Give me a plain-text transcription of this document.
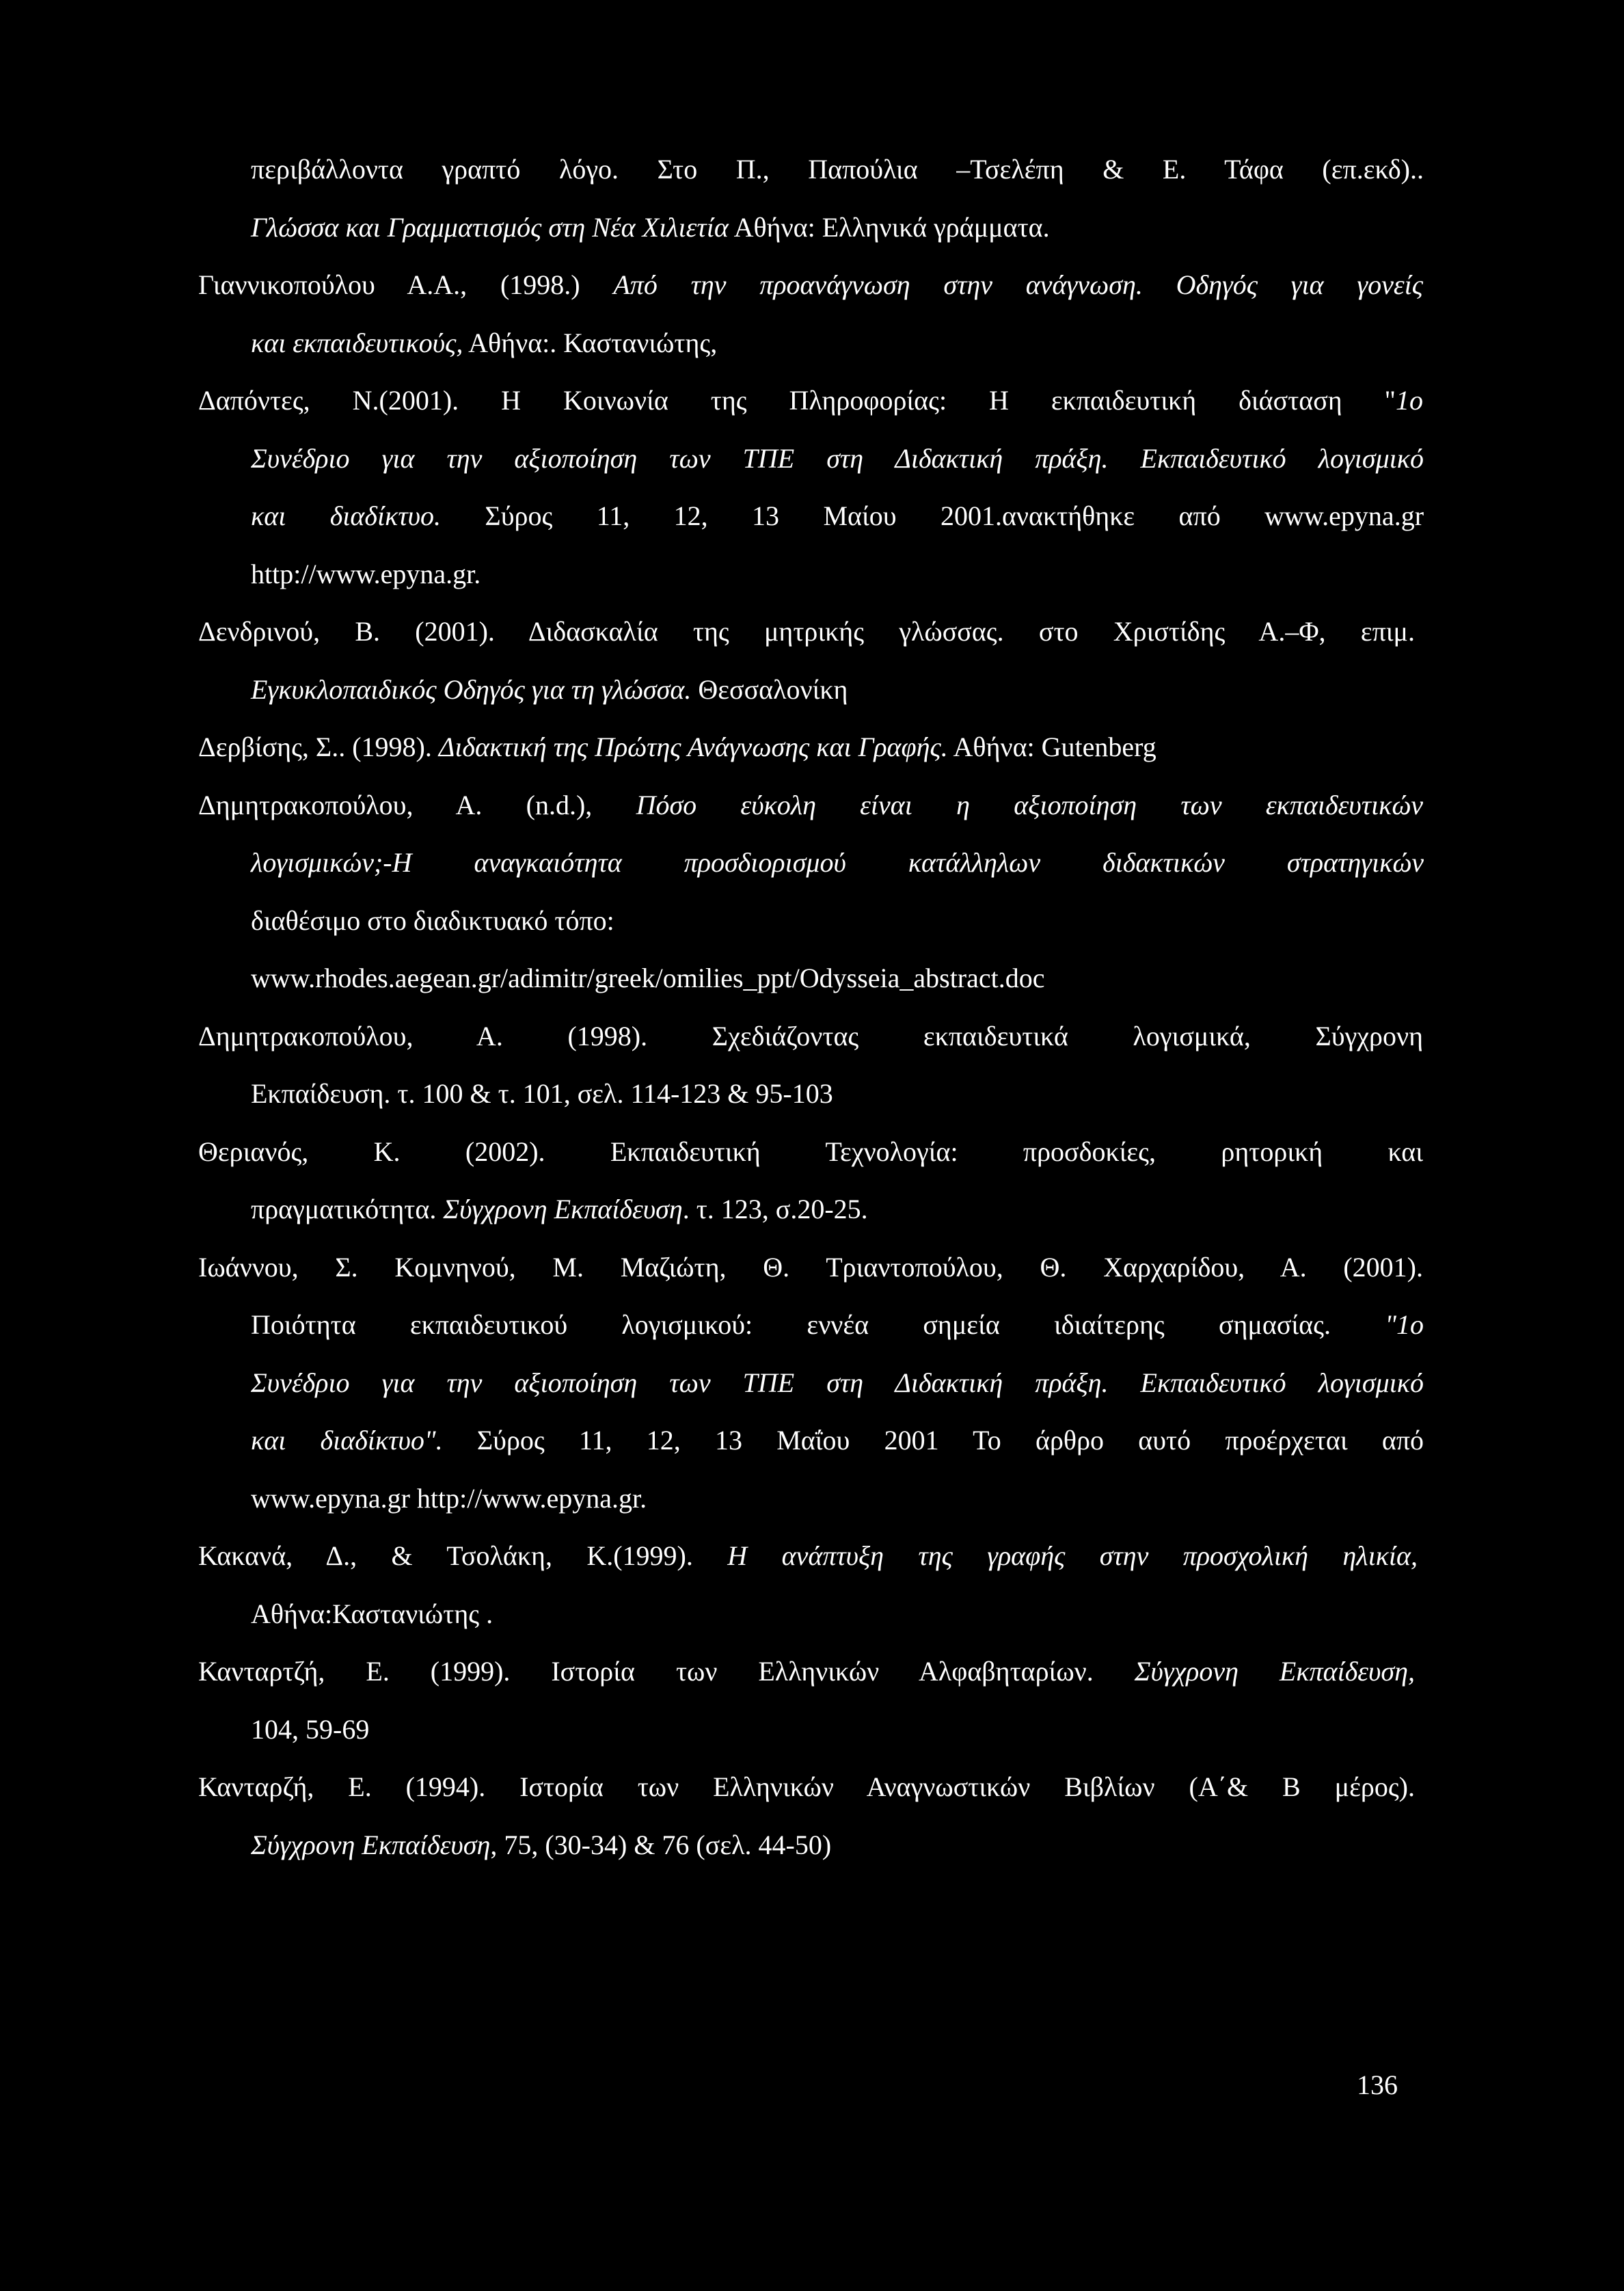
περιβάλλοντα γραπτό λόγο. Στο Π., Παπούλια –Τσελέπη & Ε. Τάφα (επ.εκδ)..

Γλώσσα και Γραμματισμός στη Νέα Χιλιετία Αθήνα: Ελληνικά γράμματα.

Γιαννικοπούλου Α.Α., (1998.) Από την προανάγνωση στην ανάγνωση. Οδηγός για γονείς

και εκπαιδευτικούς, Αθήνα:. Καστανιώτης,

Δαπόντες, Ν.(2001). Η Κοινωνία της Πληροφορίας: Η εκπαιδευτική διάσταση "1ο

Συνέδριο για την αξιοποίηση των ΤΠΕ στη Διδακτική πράξη. Εκπαιδευτικό λογισμικό

και διαδίκτυο. Σύρος 11, 12, 13 Μαίου 2001.ανακτήθηκε από www.epyna.gr

http://www.epyna.gr.

Δενδρινού, Β. (2001). Διδασκαλία της μητρικής γλώσσας. στο Χριστίδης Α.–Φ, επιμ.

Εγκυκλοπαιδικός Οδηγός για τη γλώσσα. Θεσσαλονίκη

Δερβίσης, Σ.. (1998). Διδακτική της Πρώτης Ανάγνωσης και Γραφής. Αθήνα: Gutenberg

Δημητρακοπούλου, Α. (n.d.), Πόσο εύκολη είναι η αξιοποίηση των εκπαιδευτικών

λογισμικών;-Η αναγκαιότητα προσδιορισμού κατάλληλων διδακτικών στρατηγικών

διαθέσιμο στο διαδικτυακό τόπο:

www.rhodes.aegean.gr/adimitr/greek/omilies_ppt/Odysseia_abstract.doc

Δημητρακοπούλου, Α. (1998). Σχεδιάζοντας εκπαιδευτικά λογισμικά, Σύγχρονη

Εκπαίδευση. τ. 100 & τ. 101, σελ. 114-123 & 95-103

Θεριανός, Κ. (2002). Εκπαιδευτική Τεχνολογία: προσδοκίες, ρητορική και

πραγματικότητα. Σύγχρονη Εκπαίδευση. τ. 123, σ.20-25.

Ιωάννου, Σ. Κομνηνού, Μ. Μαζιώτη, Θ. Τριαντοπούλου, Θ. Χαρχαρίδου, Α. (2001).

Ποιότητα εκπαιδευτικού λογισμικού: εννέα σημεία ιδιαίτερης σημασίας. "1ο

Συνέδριο για την αξιοποίηση των ΤΠΕ στη Διδακτική πράξη. Εκπαιδευτικό λογισμικό

και διαδίκτυο". Σύρος 11, 12, 13 Μαΐου 2001 Το άρθρο αυτό προέρχεται από

www.epyna.gr http://www.epyna.gr.

Κακανά, Δ., & Τσολάκη, Κ.(1999). Η ανάπτυξη της γραφής στην προσχολική ηλικία,

Αθήνα:Καστανιώτης .

Κανταρτζή, Ε. (1999). Ιστορία των Ελληνικών Αλφαβηταρίων. Σύγχρονη Εκπαίδευση,

104, 59-69

Κανταρζή, Ε. (1994). Ιστορία των Ελληνικών Αναγνωστικών Βιβλίων (Α΄& Β μέρος).

Σύγχρονη Εκπαίδευση, 75, (30-34) & 76 (σελ. 44-50)

136
